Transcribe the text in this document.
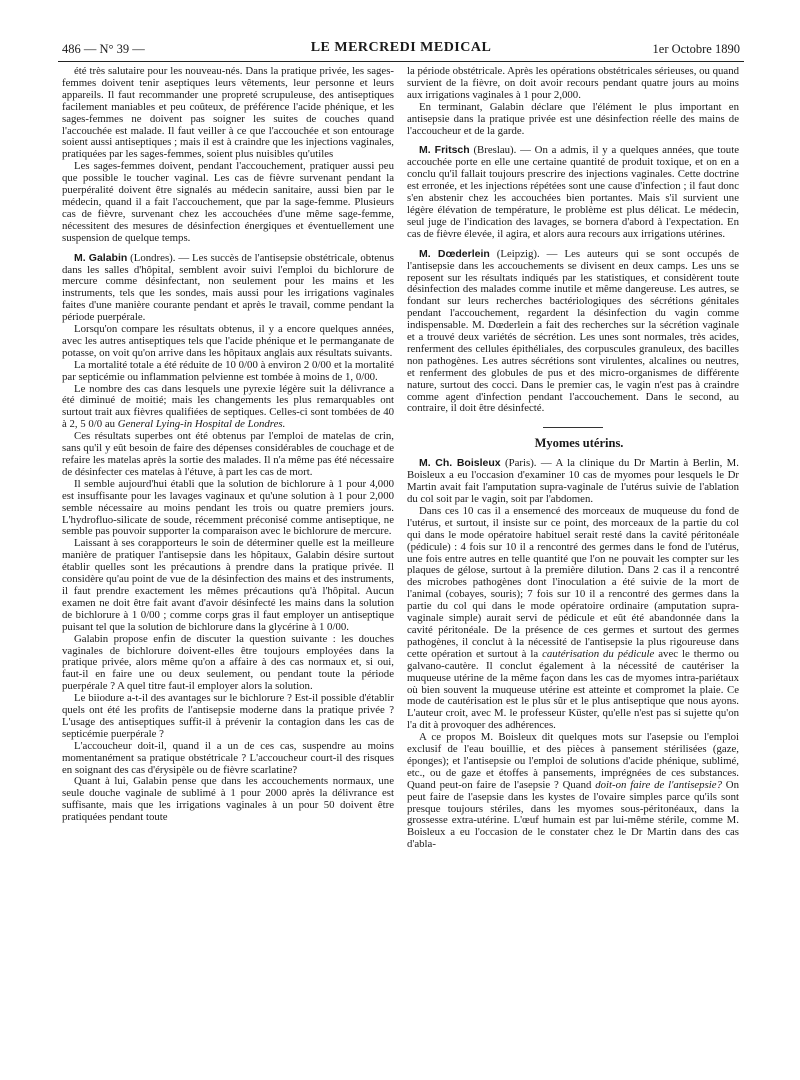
486 — N° 39 —	LE MERCREDI MEDICAL	1er Octobre 1890

été très salutaire pour les nouveau-nés. Dans la pratique privée, les sages-femmes doivent tenir aseptiques leurs vêtements, leur personne et leurs appareils. Il faut recommander une propreté scrupuleuse, des antiseptiques facilement maniables et peu coûteux, de préférence l'acide phénique, et les sages-femmes ne doivent pas soigner les suites de couches quand l'accouchée est malade. Il faut veiller à ce que l'accouchée et son entourage soient aussi antiseptiques ; mais il est à craindre que les injections vaginales, pratiquées par les sages-femmes, soient plus nuisibles qu'utiles

Les sages-femmes doivent, pendant l'accouchement, pratiquer aussi peu que possible le toucher vaginal. Les cas de fièvre survenant pendant la puerpéralité doivent être signalés au médecin sanitaire, aussi bien par le médecin, quand il a fait l'accouchement, que par la sage-femme. Plusieurs cas de fièvre, survenant chez les accouchées d'une même sage-femme, nécessitent des mesures de désinfection énergiques et éventuellement une suspension de quelque temps.

M. Galabin (Londres). — Les succès de l'antisepsie obstétricale, obtenus dans les salles d'hôpital, semblent avoir suivi l'emploi du bichlorure de mercure comme désinfectant, non seulement pour les mains et les instruments, tels que les sondes, mais aussi pour les irrigations vaginales faites d'une manière courante pendant et après le travail, comme pendant la période puerpérale.

Lorsqu'on compare les résultats obtenus, il y a encore quelques années, avec les autres antiseptiques tels que l'acide phénique et le permanganate de potasse, on voit qu'on arrive dans les hôpitaux anglais aux résultats suivants.

La mortalité totale a été réduite de 10 0/00 à environ 2 0/00 et la mortalité par septicémie ou inflammation pelvienne est tombée à moins de 1, 0/00.

Le nombre des cas dans lesquels une pyrexie légère suit la délivrance a été diminué de moitié; mais les changements les plus remarquables ont surtout trait aux fièvres qualifiées de septiques. Celles-ci sont tombées de 40 à 2, 5 0/0 au General Lying-in Hospital de Londres.

Ces résultats superbes ont été obtenus par l'emploi de matelas de crin, sans qu'il y eût besoin de faire des dépenses considérables de couchage et de refaire les matelas après la sortie des malades. Il n'a même pas été nécessaire de désinfecter ces matelas à l'étuve, à part les cas de mort.

Il semble aujourd'hui établi que la solution de bichlorure à 1 pour 4,000 est insuffisante pour les lavages vaginaux et qu'une solution à 1 pour 2,000 semble nécessaire au moins pendant les trois ou quatre premiers jours. L'hydrofluo-silicate de soude, récemment préconisé comme antiseptique, ne semble pas pouvoir supporter la comparaison avec le bichlorure de mercure.

Laissant à ses corapporteurs le soin de déterminer quelle est la meilleure manière de pratiquer l'antisepsie dans les hôpitaux, Galabin désire surtout établir quelles sont les précautions à prendre dans la pratique privée. Il considère qu'au point de vue de la désinfection des mains et des instruments, il faut prendre exactement les mêmes précautions qu'à l'hôpital. Aucun examen ne doit être fait avant d'avoir désinfecté les mains dans la solution de bichlorure à 1 0/00 ; comme corps gras il faut employer un antiseptique puisant tel que la solution de bichlorure dans la glycérine à 1 0/00.

Galabin propose enfin de discuter la question suivante : les douches vaginales de bichlorure doivent-elles être toujours employées dans la pratique privée, alors même qu'on a affaire à des cas normaux et, si oui, faut-il en faire une ou deux seulement, ou pendant toute la période puerpérale ? A quel titre faut-il employer alors la solution.

Le biiodure a-t-il des avantages sur le bichlorure ? Est-il possible d'établir quels ont été les profits de l'antisepsie moderne dans la pratique privée ? L'usage des antiseptiques suffit-il à prévenir la contagion dans les cas de septicémie puerpérale ?

L'accoucheur doit-il, quand il a un de ces cas, suspendre au moins momentanément sa pratique obstétricale ? L'accoucheur court-il des risques en soignant des cas d'érysipèle ou de fièvre scarlatine?

Quant à lui, Galabin pense que dans les accouchements normaux, une seule douche vaginale de sublimé à 1 pour 2000 après la délivrance est suffisante, mais que les irrigations vaginales à un pour 50 doivent être pratiquées pendant toute

la période obstétricale. Après les opérations obstétricales sérieuses, ou quand survient de la fièvre, on doit avoir recours pendant quatre jours au moins aux irrigations vaginales à 1 pour 2,000.

En terminant, Galabin déclare que l'élément le plus important en antisepsie dans la pratique privée est une désinfection réelle des mains de l'accoucheur et de la garde.

M. Fritsch (Breslau). — On a admis, il y a quelques années, que toute accouchée porte en elle une certaine quantité de produit toxique, et on en a conclu qu'il fallait toujours prescrire des injections vaginales. Cette doctrine est erronée, et les injections répétées sont une cause d'infection ; il faut donc s'en abstenir chez les accouchées bien portantes. Mais s'il survient une légère élévation de température, le problème est plus délicat. Le médecin, seul juge de l'indication des lavages, se bornera d'abord à l'expectation. En cas de fièvre élevée, il agira, et alors aura recours aux irrigations utérines.

M. Dœderlein (Leipzig). — Les auteurs qui se sont occupés de l'antisepsie dans les accouchements se divisent en deux camps. Les uns se reposent sur les résultats indiqués par les statistiques, et considèrent toute désinfection des malades comme inutile et même dangereuse. Les autres, se fondant sur leurs recherches bactériologiques des sécrétions génitales pendant l'accouchement, regardent la désinfection du vagin comme indispensable. M. Dœderlein a fait des recherches sur la sécrétion vaginale et a trouvé deux variétés de sécrétion. Les unes sont normales, très acides, renferment des cellules épithéliales, des corpuscules granuleux, des bacilles non pathogènes. Les autres sécrétions sont virulentes, alcalines ou neutres, et renferment des globules de pus et des micro-organismes de différente nature, surtout des cocci. Dans le premier cas, le vagin n'est pas à craindre comme agent d'infection pendant l'accouchement. Dans le second, au contraire, il doit être désinfecté.

Myomes utérins.

M. Ch. Boisleux (Paris). — A la clinique du Dr Martin à Berlin, M. Boisleux a eu l'occasion d'examiner 10 cas de myomes pour lesquels le Dr Martin avait fait l'amputation supra-vaginale de l'utérus suivie de l'ablation du col soit par le vagin, soit par l'abdomen.

Dans ces 10 cas il a ensemencé des morceaux de muqueuse du fond de l'utérus, et surtout, il insiste sur ce point, des morceaux de la partie du col qui dans le mode opératoire habituel serait resté dans la cavité péritonéale (pédicule) : 4 fois sur 10 il a rencontré des germes dans le fond de l'utérus, une fois entre autres en telle quantité que l'on ne pouvait les compter sur les plaques de gélose, surtout à la première dilution. Dans 2 cas il a rencontré des microbes pathogènes dont l'inoculation a été suivie de la mort de l'animal (cobayes, souris); 7 fois sur 10 il a rencontré des germes dans la partie du col qui dans le mode opératoire ordinaire (amputation supra-vaginale simple) aurait servi de pédicule et eût été abandonnée dans la cavité péritonéale. De la présence de ces germes et surtout des germes pathogènes, il conclut à la nécessité de l'antisepsie la plus rigoureuse dans cette opération et surtout à la cautérisation du pédicule avec le thermo ou galvano-cautère. Il conclut également à la nécessité de cautériser la muqueuse utérine de la même façon dans les cas de myomes intra-pariétaux où bien souvent la muqueuse utérine est atteinte et compromet la plaie. Ce mode de cautérisation est le plus sûr et le plus antiseptique que nous ayons. L'auteur croit, avec M. le professeur Küster, qu'elle n'est pas si sujette qu'on l'a dit à provoquer des adhérences.

A ce propos M. Boisleux dit quelques mots sur l'asepsie ou l'emploi exclusif de l'eau bouillie, et des pièces à pansement stérilisées (gaze, éponges); et l'antisepsie ou l'emploi de solutions d'acide phénique, sublimé, etc., ou de gaze et étoffes à pansements, imprégnées de ces substances. Quand peut-on faire de l'asepsie ? Quand doit-on faire de l'antisepsie? On peut faire de l'asepsie dans les kystes de l'ovaire simples parce qu'ils sont presque toujours stériles, dans les myomes sous-péritonéaux, dans la grossesse extra-utérine. L'œuf humain est par lui-même stérile, comme M. Boisleux a eu l'occasion de le constater chez le Dr Martin dans des cas d'abla-
